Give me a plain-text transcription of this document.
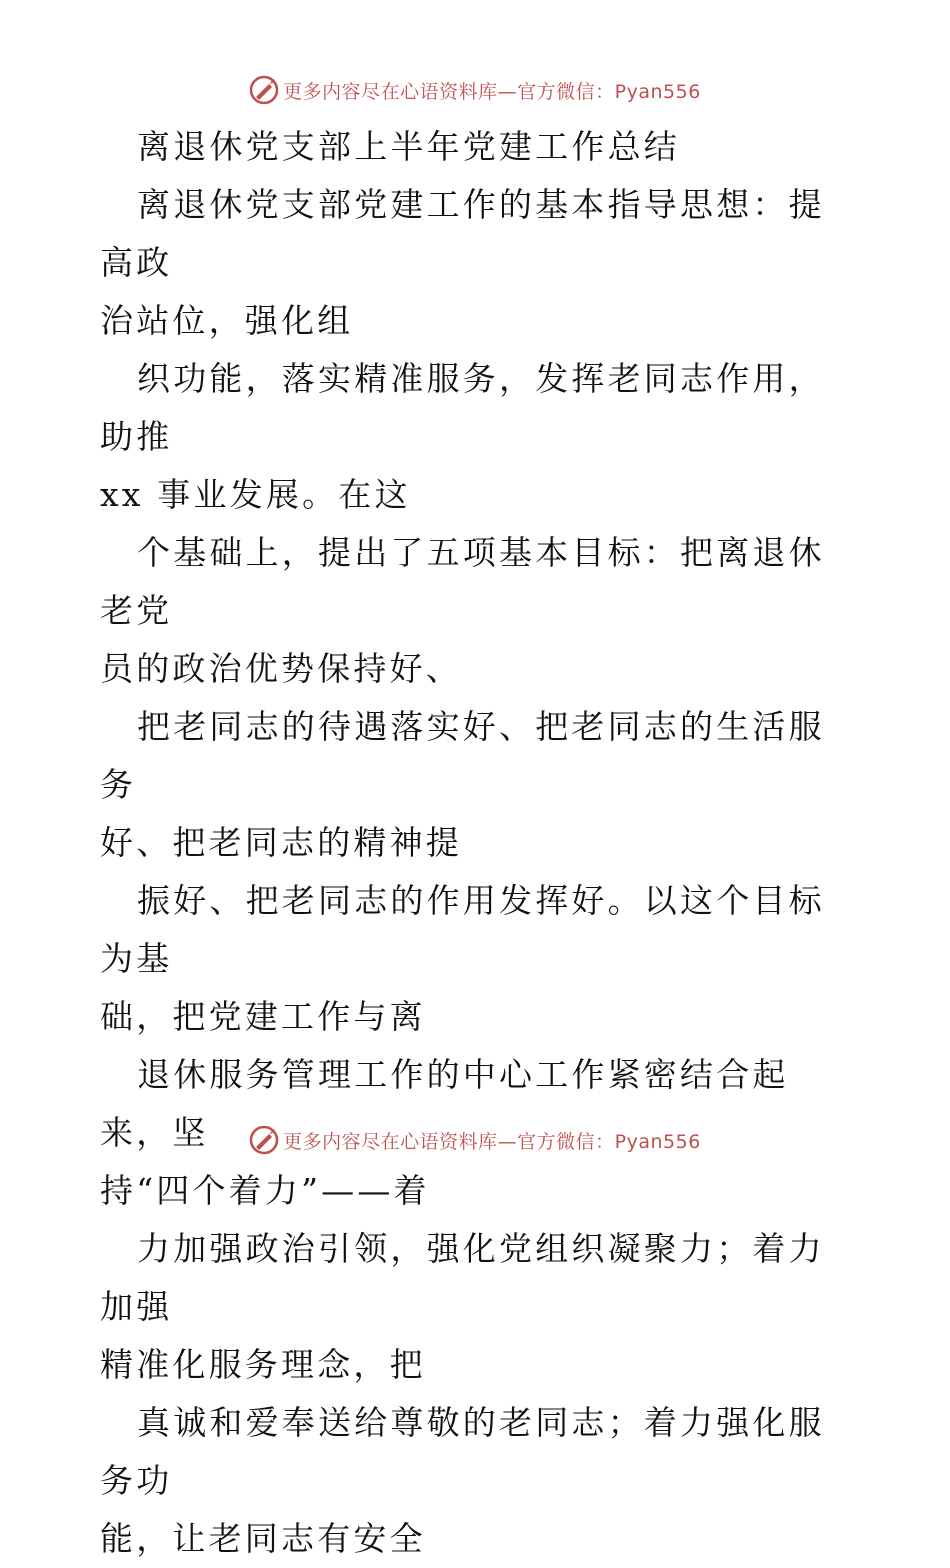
更多内容尽在心语资料库—官方微信：Pyan556

离退休党支部上半年党建工作总结

离退休党支部党建工作的基本指导思想：提高政

治站位，强化组

织功能，落实精准服务，发挥老同志作用，助推

xx 事业发展。在这

个基础上，提出了五项基本目标：把离退休老党

员的政治优势保持好、

把老同志的待遇落实好、把老同志的生活服务

好、把老同志的精神提

振好、把老同志的作用发挥好。以这个目标为基

础，把党建工作与离

退休服务管理工作的中心工作紧密结合起来，坚

持“四个着力”——着

力加强政治引领，强化党组织凝聚力；着力加强

精准化服务理念，把

真诚和爱奉送给尊敬的老同志；着力强化服务功

能，让老同志有安全

更多内容尽在心语资料库—官方微信：Pyan556
